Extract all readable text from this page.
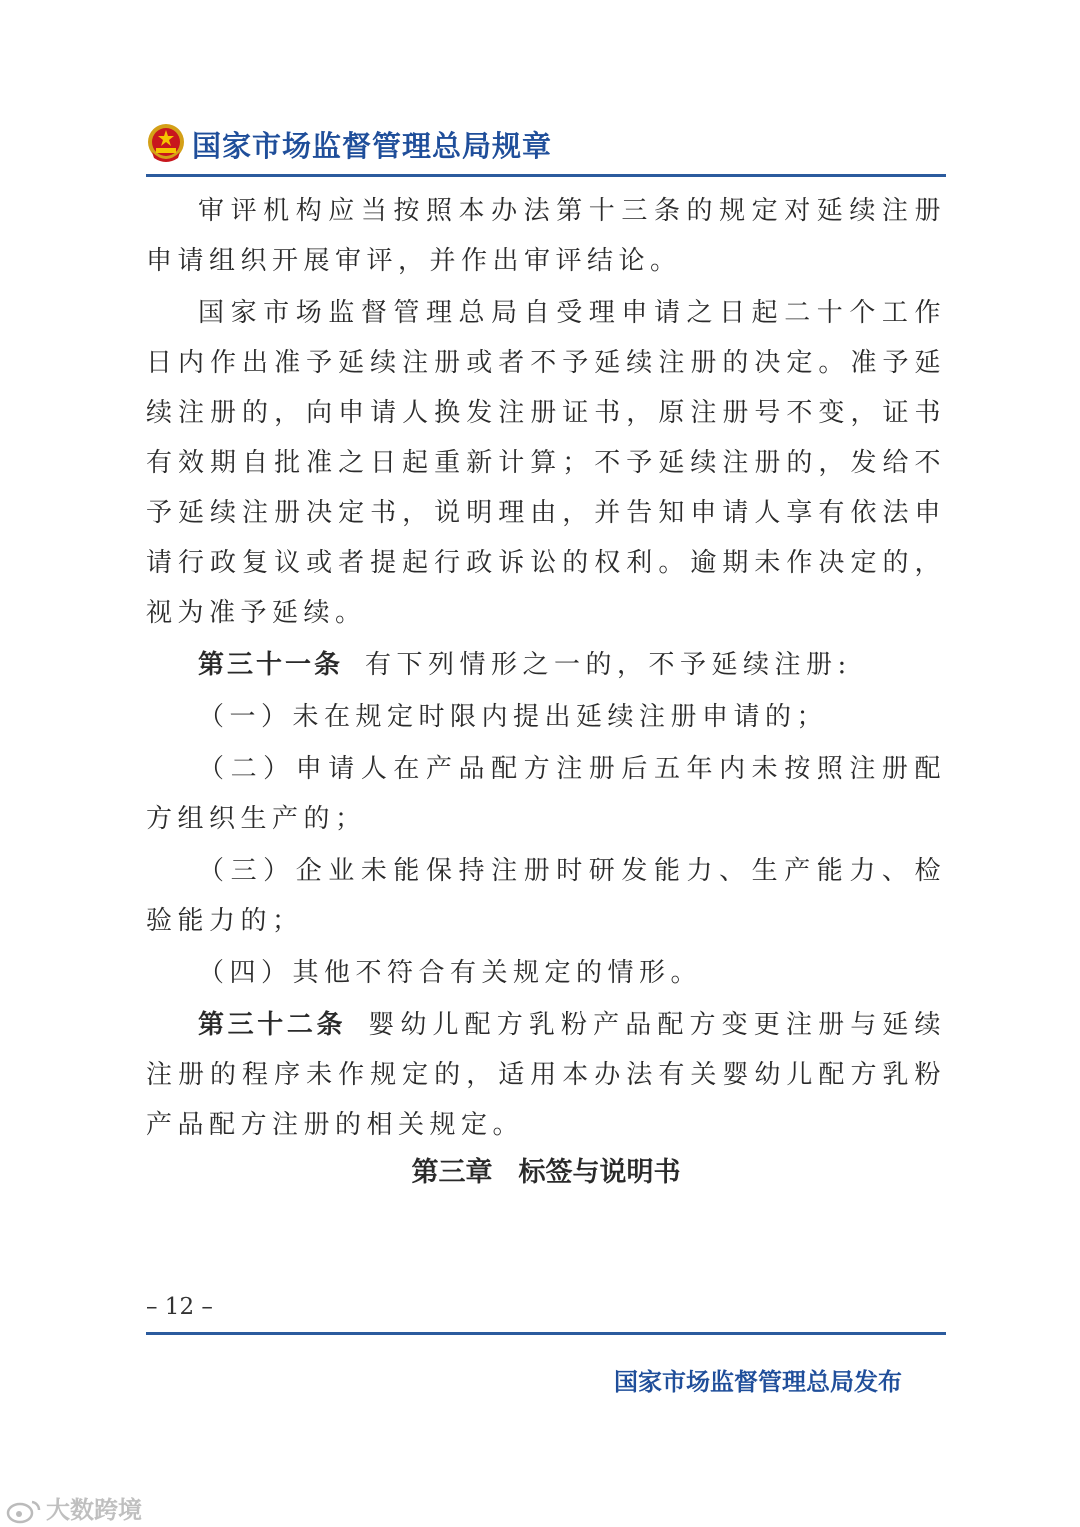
国家市场监督管理总局规章

审评机构应当按照本办法第十三条的规定对延续注册申请组织开展审评，并作出审评结论。

国家市场监督管理总局自受理申请之日起二十个工作日内作出准予延续注册或者不予延续注册的决定。准予延续注册的，向申请人换发注册证书，原注册号不变，证书有效期自批准之日起重新计算；不予延续注册的，发给不予延续注册决定书，说明理由，并告知申请人享有依法申请行政复议或者提起行政诉讼的权利。逾期未作决定的，视为准予延续。

第三十一条 有下列情形之一的，不予延续注册:

（一）未在规定时限内提出延续注册申请的；

（二）申请人在产品配方注册后五年内未按照注册配方组织生产的；

（三）企业未能保持注册时研发能力、生产能力、检验能力的；

（四）其他不符合有关规定的情形。

第三十二条 婴幼儿配方乳粉产品配方变更注册与延续注册的程序未作规定的，适用本办法有关婴幼儿配方乳粉产品配方注册的相关规定。

第三章 标签与说明书
– 12 –
国家市场监督管理总局发布
大数跨境
